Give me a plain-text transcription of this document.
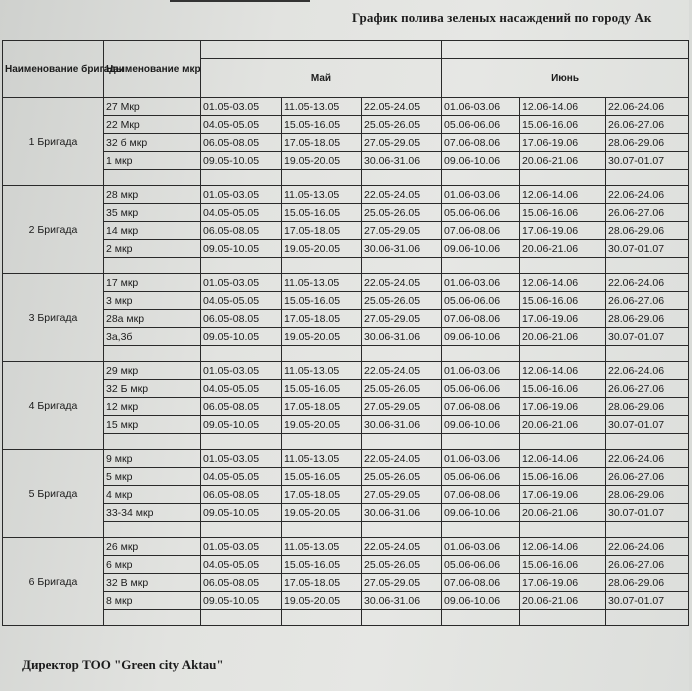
График полива зеленых насаждений по городу Ак
Наименование бригады	Наименование мкр						
		Май			Июнь		
1 Бригада	27 Мкр	01.05-03.05	11.05-13.05	22.05-24.05	01.06-03.06	12.06-14.06	22.06-24.06
	22 Мкр	04.05-05.05	15.05-16.05	25.05-26.05	05.06-06.06	15.06-16.06	26.06-27.06
	32 б мкр	06.05-08.05	17.05-18.05	27.05-29.05	07.06-08.06	17.06-19.06	28.06-29.06
	1 мкр	09.05-10.05	19.05-20.05	30.06-31.06	09.06-10.06	20.06-21.06	30.07-01.07

2 Бригада	28 мкр	01.05-03.05	11.05-13.05	22.05-24.05	01.06-03.06	12.06-14.06	22.06-24.06
	35 мкр	04.05-05.05	15.05-16.05	25.05-26.05	05.06-06.06	15.06-16.06	26.06-27.06
	14 мкр	06.05-08.05	17.05-18.05	27.05-29.05	07.06-08.06	17.06-19.06	28.06-29.06
	2 мкр	09.05-10.05	19.05-20.05	30.06-31.06	09.06-10.06	20.06-21.06	30.07-01.07

3 Бригада	17 мкр	01.05-03.05	11.05-13.05	22.05-24.05	01.06-03.06	12.06-14.06	22.06-24.06
	3 мкр	04.05-05.05	15.05-16.05	25.05-26.05	05.06-06.06	15.06-16.06	26.06-27.06
	28а мкр	06.05-08.05	17.05-18.05	27.05-29.05	07.06-08.06	17.06-19.06	28.06-29.06
	3а,3б	09.05-10.05	19.05-20.05	30.06-31.06	09.06-10.06	20.06-21.06	30.07-01.07

4 Бригада	29 мкр	01.05-03.05	11.05-13.05	22.05-24.05	01.06-03.06	12.06-14.06	22.06-24.06
	32 Б мкр	04.05-05.05	15.05-16.05	25.05-26.05	05.06-06.06	15.06-16.06	26.06-27.06
	12 мкр	06.05-08.05	17.05-18.05	27.05-29.05	07.06-08.06	17.06-19.06	28.06-29.06
	15 мкр	09.05-10.05	19.05-20.05	30.06-31.06	09.06-10.06	20.06-21.06	30.07-01.07

5 Бригада	9 мкр	01.05-03.05	11.05-13.05	22.05-24.05	01.06-03.06	12.06-14.06	22.06-24.06
	5 мкр	04.05-05.05	15.05-16.05	25.05-26.05	05.06-06.06	15.06-16.06	26.06-27.06
	4 мкр	06.05-08.05	17.05-18.05	27.05-29.05	07.06-08.06	17.06-19.06	28.06-29.06
	33-34 мкр	09.05-10.05	19.05-20.05	30.06-31.06	09.06-10.06	20.06-21.06	30.07-01.07

6 Бригада	26 мкр	01.05-03.05	11.05-13.05	22.05-24.05	01.06-03.06	12.06-14.06	22.06-24.06
	6 мкр	04.05-05.05	15.05-16.05	25.05-26.05	05.06-06.06	15.06-16.06	26.06-27.06
	32 В мкр	06.05-08.05	17.05-18.05	27.05-29.05	07.06-08.06	17.06-19.06	28.06-29.06
	8 мкр	09.05-10.05	19.05-20.05	30.06-31.06	09.06-10.06	20.06-21.06	30.07-01.07

Директор ТОО "Green city Aktau"
